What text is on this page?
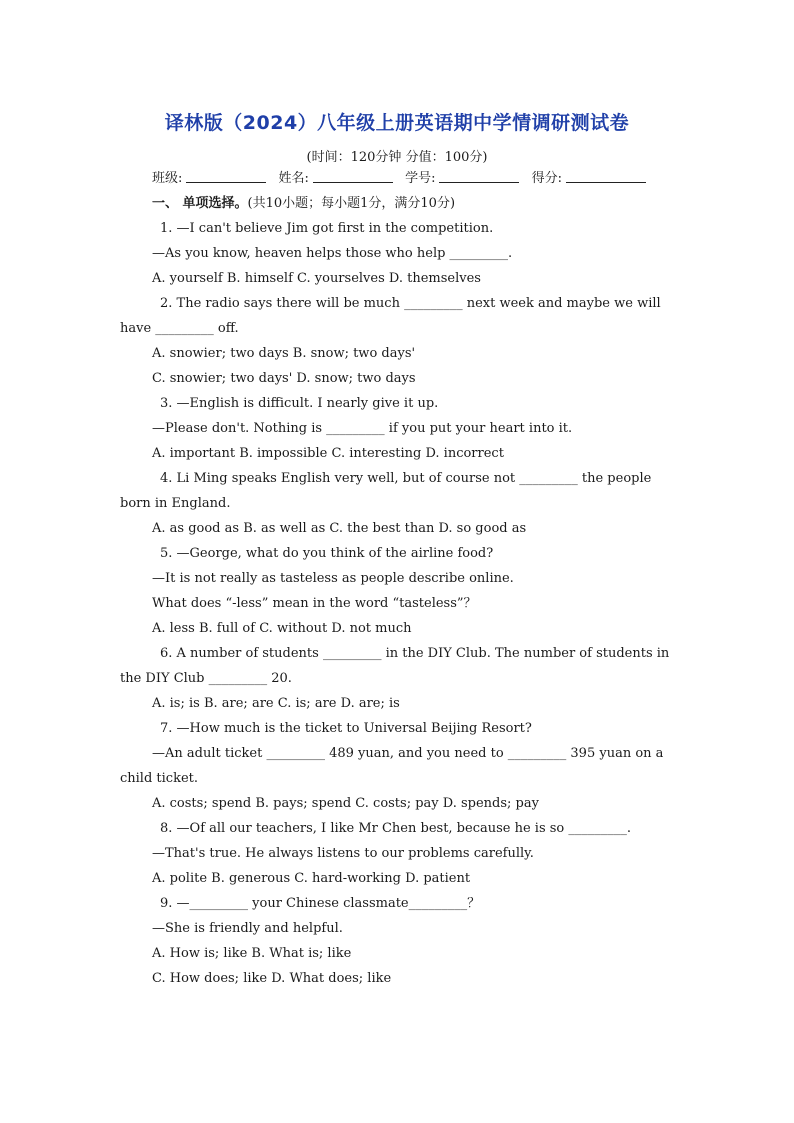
译林版（2024）八年级上册英语期中学情调研测试卷
(时间：120分钟 分值：100分)
班级:	姓名:	学号:	得分:
一、 单项选择。(共10小题；每小题1分，满分10分)
1. —I can't believe Jim got first in the competition.
—As you know, heaven helps those who help _________.
A. yourself B. himself C. yourselves D. themselves
2. The radio says there will be much _________ next week and maybe we will
have _________ off.
A. snowier; two days B. snow; two days'
C. snowier; two days' D. snow; two days
3. —English is difficult. I nearly give it up.
—Please don't. Nothing is _________ if you put your heart into it.
A. important B. impossible C. interesting D. incorrect
4. Li Ming speaks English very well, but of course not _________ the people
born in England.
A. as good as B. as well as C. the best than D. so good as
5. —George, what do you think of the airline food?
—It is not really as tasteless as people describe online.
What does “-less” mean in the word “tasteless”？
A. less B. full of C. without D. not much
6. A number of students _________ in the DIY Club. The number of students in
the DIY Club _________ 20.
A. is; is B. are; are C. is; are D. are; is
7. —How much is the ticket to Universal Beijing Resort?
—An adult ticket _________ 489 yuan, and you need to _________ 395 yuan on a
child ticket.
A. costs; spend B. pays; spend C. costs; pay D. spends; pay
8. —Of all our teachers, I like Mr Chen best, because he is so _________.
—That's true. He always listens to our problems carefully.
A. polite B. generous C. hard-working D. patient
9. —_________ your Chinese classmate_________？
—She is friendly and helpful.
A. How is; like B. What is; like
C. How does; like D. What does; like
